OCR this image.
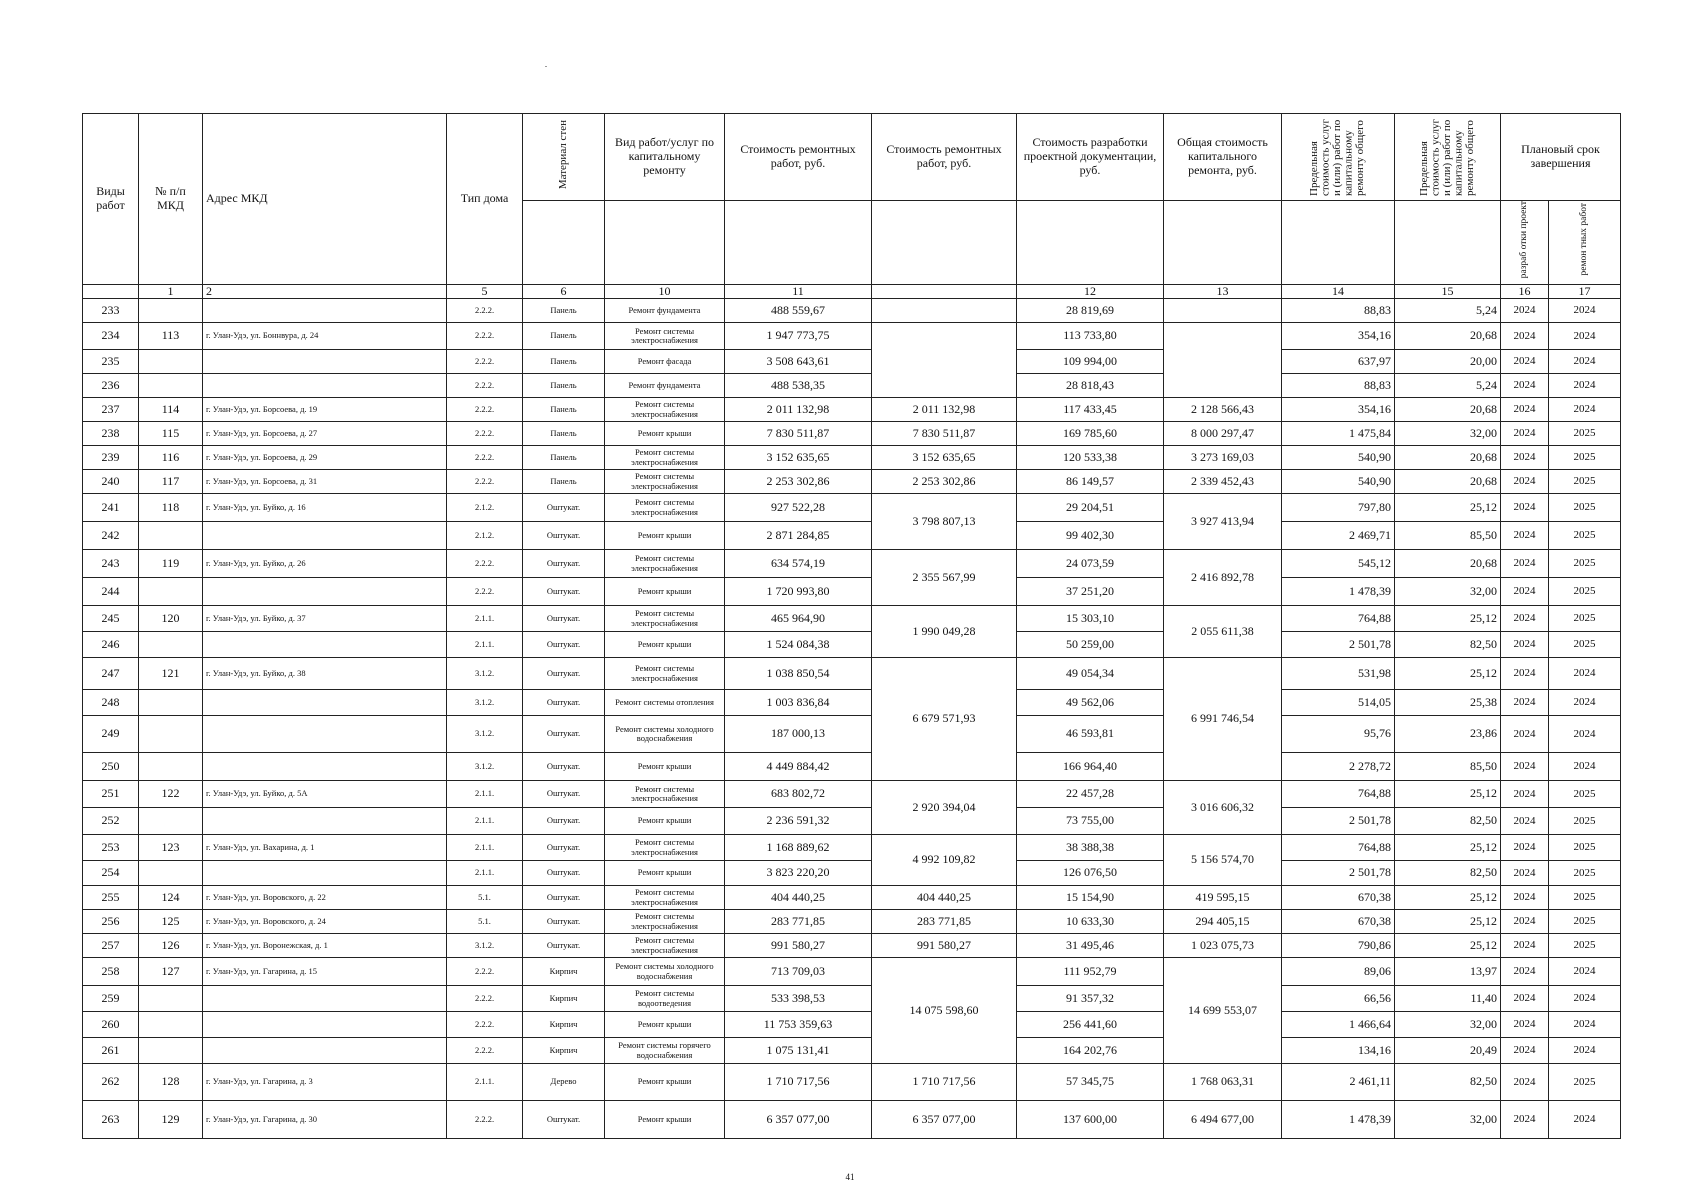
Виды работ	№ п/п МКД	Адрес МКД	Тип дома	Материал стен	Вид работ/услуг по капитальному ремонту	Стоимость ремонтных работ, руб.	Стоимость ремонтных работ, руб.	Стоимость разработки проектной документации, руб.	Общая стоимость капитального ремонта, руб.	Предельная стоимость услуг и (или) работ по капитальному ремонту общего	Предельная стоимость услуг и (или) работ по капитальному ремонту общего	Плановый срок завершения	
												разраб отки проект	ремон тных работ
	1	2	5	6	10	11		12	13	14	15	16	17
233			2.2.2.	Панель	Ремонт фундамента	488 559,67		28 819,69		88,83	5,24	2024	2024
234	113	г. Улан-Удэ, ул. Боннвура, д. 24	2.2.2.	Панель	Ремонт системы электроснабжения	1 947 773,75		113 733,80		354,16	20,68	2024	2024
235			2.2.2.	Панель	Ремонт фасада	3 508 643,61		109 994,00		637,97	20,00	2024	2024
236			2.2.2.	Панель	Ремонт фундамента	488 538,35		28 818,43		88,83	5,24	2024	2024
237	114	г. Улан-Удэ, ул. Борсоева, д. 19	2.2.2.	Панель	Ремонт системы электроснабжения	2 011 132,98	2 011 132,98	117 433,45	2 128 566,43	354,16	20,68	2024	2024
238	115	г. Улан-Удэ, ул. Борсоева, д. 27	2.2.2.	Панель	Ремонт крыши	7 830 511,87	7 830 511,87	169 785,60	8 000 297,47	1 475,84	32,00	2024	2025
239	116	г. Улан-Удэ, ул. Борсоева, д. 29	2.2.2.	Панель	Ремонт системы электроснабжения	3 152 635,65	3 152 635,65	120 533,38	3 273 169,03	540,90	20,68	2024	2025
240	117	г. Улан-Удэ, ул. Борсоева, д. 31	2.2.2.	Панель	Ремонт системы электроснабжения	2 253 302,86	2 253 302,86	86 149,57	2 339 452,43	540,90	20,68	2024	2025
241	118	г. Улан-Удэ, ул. Буйко, д. 16	2.1.2.	Оштукат.	Ремонт системы электроснабжения	927 522,28	3 798 807,13	29 204,51	3 927 413,94	797,80	25,12	2024	2025
242			2.1.2.	Оштукат.	Ремонт крыши	2 871 284,85		99 402,30		2 469,71	85,50	2024	2025
243	119	г. Улан-Удэ, ул. Буйко, д. 26	2.2.2.	Оштукат.	Ремонт системы электроснабжения	634 574,19	2 355 567,99	24 073,59	2 416 892,78	545,12	20,68	2024	2025
244			2.2.2.	Оштукат.	Ремонт крыши	1 720 993,80		37 251,20		1 478,39	32,00	2024	2025
245	120	г. Улан-Удэ, ул. Буйко, д. 37	2.1.1.	Оштукат.	Ремонт системы электроснабжения	465 964,90	1 990 049,28	15 303,10	2 055 611,38	764,88	25,12	2024	2025
246			2.1.1.	Оштукат.	Ремонт крыши	1 524 084,38		50 259,00		2 501,78	82,50	2024	2025
247	121	г. Улан-Удэ, ул. Буйко, д. 38	3.1.2.	Оштукат.	Ремонт системы электроснабжения	1 038 850,54	6 679 571,93	49 054,34	6 991 746,54	531,98	25,12	2024	2024
248			3.1.2.	Оштукат.	Ремонт системы отопления	1 003 836,84		49 562,06		514,05	25,38	2024	2024
249			3.1.2.	Оштукат.	Ремонт системы холодного водоснабжения	187 000,13		46 593,81		95,76	23,86	2024	2024
250			3.1.2.	Оштукат.	Ремонт крыши	4 449 884,42		166 964,40		2 278,72	85,50	2024	2024
251	122	г. Улан-Удэ, ул. Буйко, д. 5А	2.1.1.	Оштукат.	Ремонт системы электроснабжения	683 802,72	2 920 394,04	22 457,28	3 016 606,32	764,88	25,12	2024	2025
252			2.1.1.	Оштукат.	Ремонт крыши	2 236 591,32		73 755,00		2 501,78	82,50	2024	2025
253	123	г. Улан-Удэ, ул. Вахарина, д. 1	2.1.1.	Оштукат.	Ремонт системы электроснабжения	1 168 889,62	4 992 109,82	38 388,38	5 156 574,70	764,88	25,12	2024	2025
254			2.1.1.	Оштукат.	Ремонт крыши	3 823 220,20		126 076,50		2 501,78	82,50	2024	2025
255	124	г. Улан-Удэ, ул. Воровского, д. 22	5.1.	Оштукат.	Ремонт системы электроснабжения	404 440,25	404 440,25	15 154,90	419 595,15	670,38	25,12	2024	2025
256	125	г. Улан-Удэ, ул. Воровского, д. 24	5.1.	Оштукат.	Ремонт системы электроснабжения	283 771,85	283 771,85	10 633,30	294 405,15	670,38	25,12	2024	2025
257	126	г. Улан-Удэ, ул. Воронежская, д. 1	3.1.2.	Оштукат.	Ремонт системы электроснабжения	991 580,27	991 580,27	31 495,46	1 023 075,73	790,86	25,12	2024	2025
258	127	г. Улан-Удэ, ул. Гагарина, д. 15	2.2.2.	Кирпич	Ремонт системы холодного водоснабжения	713 709,03	14 075 598,60	111 952,79	14 699 553,07	89,06	13,97	2024	2024
259			2.2.2.	Кирпич	Ремонт системы водоотведения	533 398,53		91 357,32		66,56	11,40	2024	2024
260			2.2.2.	Кирпич	Ремонт крыши	11 753 359,63		256 441,60		1 466,64	32,00	2024	2024
261			2.2.2.	Кирпич	Ремонт системы горячего водоснабжения	1 075 131,41		164 202,76		134,16	20,49	2024	2024
262	128	г. Улан-Удэ, ул. Гагарина, д. 3	2.1.1.	Дерево	Ремонт крыши	1 710 717,56	1 710 717,56	57 345,75	1 768 063,31	2 461,11	82,50	2024	2025
263	129	г. Улан-Удэ, ул. Гагарина, д. 30	2.2.2.	Оштукат.	Ремонт крыши	6 357 077,00	6 357 077,00	137 600,00	6 494 677,00	1 478,39	32,00	2024	2024
41
